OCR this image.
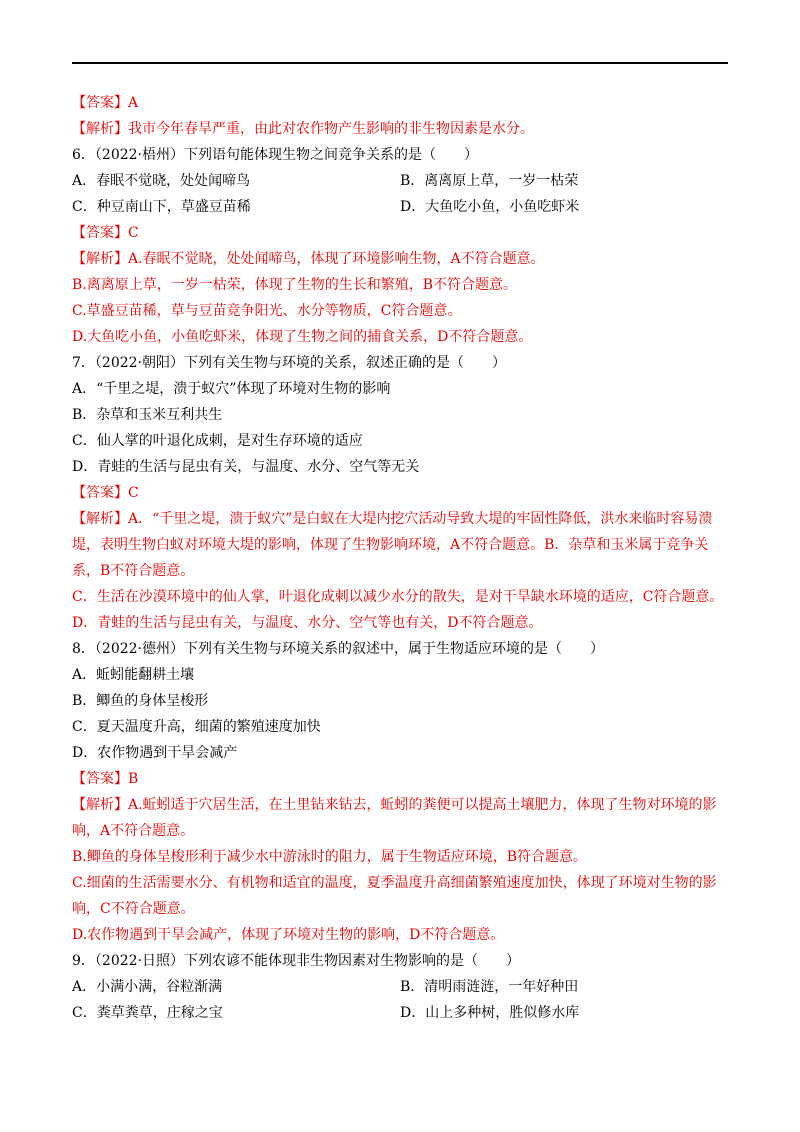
【答案】A
【解析】我市今年春旱严重，由此对农作物产生影响的非生物因素是水分。
6．（2022·梧州）下列语句能体现生物之间竞争关系的是（　　）
A．春眠不觉晓，处处闻啼鸟	B．离离原上草，一岁一枯荣
C．种豆南山下，草盛豆苗稀	D．大鱼吃小鱼，小鱼吃虾米
【答案】C
【解析】A.春眠不觉晓，处处闻啼鸟，体现了环境影响生物，A不符合题意。
B.离离原上草，一岁一枯荣，体现了生物的生长和繁殖，B不符合题意。
C.草盛豆苗稀，草与豆苗竞争阳光、水分等物质，C符合题意。
D.大鱼吃小鱼，小鱼吃虾米，体现了生物之间的捕食关系，D不符合题意。
7．（2022·朝阳）下列有关生物与环境的关系，叙述正确的是（　　）
A．“千里之堤，溃于蚁穴”体现了环境对生物的影响
B．杂草和玉米互利共生
C．仙人掌的叶退化成刺，是对生存环境的适应
D．青蛙的生活与昆虫有关，与温度、水分、空气等无关
【答案】C
【解析】A．“千里之堤，溃于蚁穴”是白蚁在大堤内挖穴活动导致大堤的牢固性降低，洪水来临时容易溃堤，表明生物白蚁对环境大堤的影响，体现了生物影响环境，A不符合题意。B．杂草和玉米属于竞争关系，B不符合题意。
C．生活在沙漠环境中的仙人掌，叶退化成刺以减少水分的散失，是对干旱缺水环境的适应，C符合题意。
D．青蛙的生活与昆虫有关，与温度、水分、空气等也有关，D不符合题意。
8．（2022·德州）下列有关生物与环境关系的叙述中，属于生物适应环境的是（　　）
A．蚯蚓能翻耕土壤
B．鲫鱼的身体呈梭形
C．夏天温度升高，细菌的繁殖速度加快
D．农作物遇到干旱会减产
【答案】B
【解析】A.蚯蚓适于穴居生活，在土里钻来钻去，蚯蚓的粪便可以提高土壤肥力，体现了生物对环境的影响，A不符合题意。
B.鲫鱼的身体呈梭形利于减少水中游泳时的阻力，属于生物适应环境，B符合题意。
C.细菌的生活需要水分、有机物和适宜的温度，夏季温度升高细菌繁殖速度加快，体现了环境对生物的影响，C不符合题意。
D.农作物遇到干旱会减产，体现了环境对生物的影响，D不符合题意。
9．（2022·日照）下列农谚不能体现非生物因素对生物影响的是（　　）
A．小满小满，谷粒渐满	B．清明雨涟涟，一年好种田
C．粪草粪草，庄稼之宝	D．山上多种树，胜似修水库
